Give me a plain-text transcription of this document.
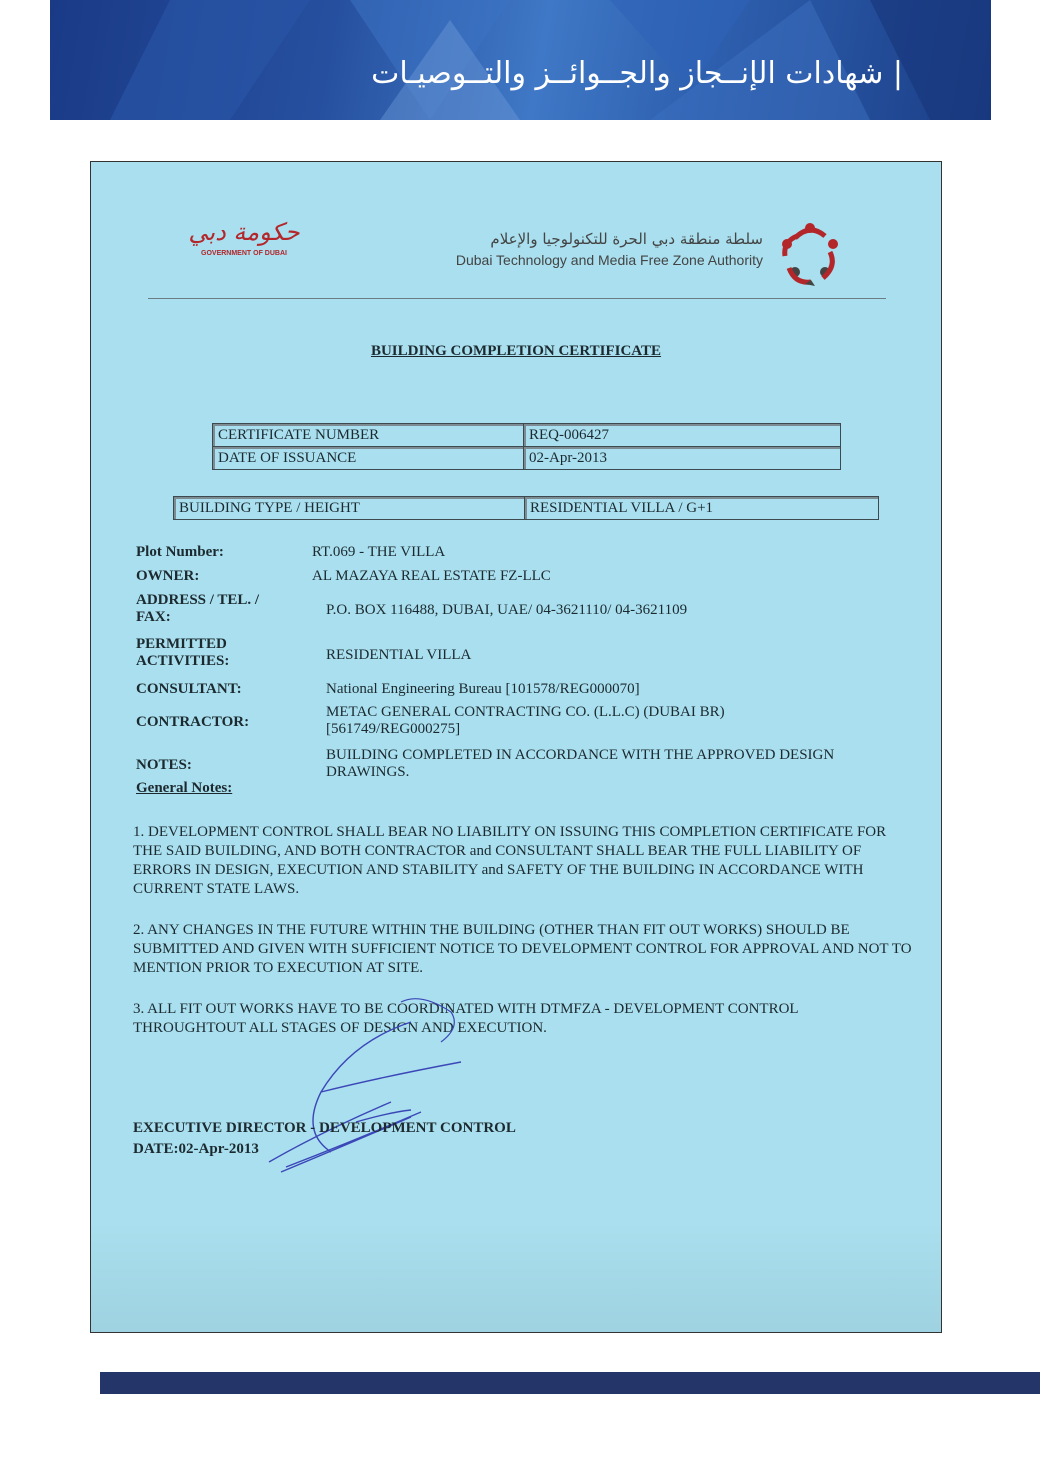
| شهادات الإنــجاز والجــوائــز والتــوصيـات
حكومة دبي
GOVERNMENT OF DUBAI
سلطة منطقة دبي الحرة للتكنولوجيا والإعلام
Dubai Technology and Media Free Zone Authority
BUILDING COMPLETION CERTIFICATE
CERTIFICATE NUMBER	REQ-006427
DATE OF ISSUANCE	02-Apr-2013
BUILDING TYPE / HEIGHT	RESIDENTIAL VILLA / G+1
Plot Number:	RT.069 - THE VILLA
OWNER:	AL MAZAYA REAL ESTATE FZ-LLC
ADDRESS / TEL. / FAX:	P.O. BOX 116488, DUBAI, UAE/ 04-3621110/ 04-3621109
PERMITTED ACTIVITIES:	RESIDENTIAL VILLA
CONSULTANT:	National Engineering Bureau [101578/REG000070]
CONTRACTOR:
METAC GENERAL CONTRACTING CO. (L.L.C) (DUBAI BR) [561749/REG000275]
NOTES:
BUILDING COMPLETED IN ACCORDANCE WITH THE APPROVED DESIGN DRAWINGS.
General Notes:
1. DEVELOPMENT CONTROL SHALL BEAR NO LIABILITY ON ISSUING THIS COMPLETION CERTIFICATE FOR THE SAID BUILDING, AND BOTH CONTRACTOR and CONSULTANT SHALL BEAR THE FULL LIABILITY OF ERRORS IN DESIGN, EXECUTION AND STABILITY and SAFETY OF THE BUILDING IN ACCORDANCE WITH CURRENT STATE LAWS.
2. ANY CHANGES IN THE FUTURE WITHIN THE BUILDING (OTHER THAN FIT OUT WORKS) SHOULD BE SUBMITTED AND GIVEN WITH SUFFICIENT NOTICE TO DEVELOPMENT CONTROL FOR APPROVAL AND NOT TO MENTION PRIOR TO EXECUTION AT SITE.
3. ALL FIT OUT WORKS HAVE TO BE COORDINATED WITH DTMFZA - DEVELOPMENT CONTROL THROUGHTOUT ALL STAGES OF DESIGN AND EXECUTION.
EXECUTIVE DIRECTOR - DEVELOPMENT CONTROL
DATE:02-Apr-2013
